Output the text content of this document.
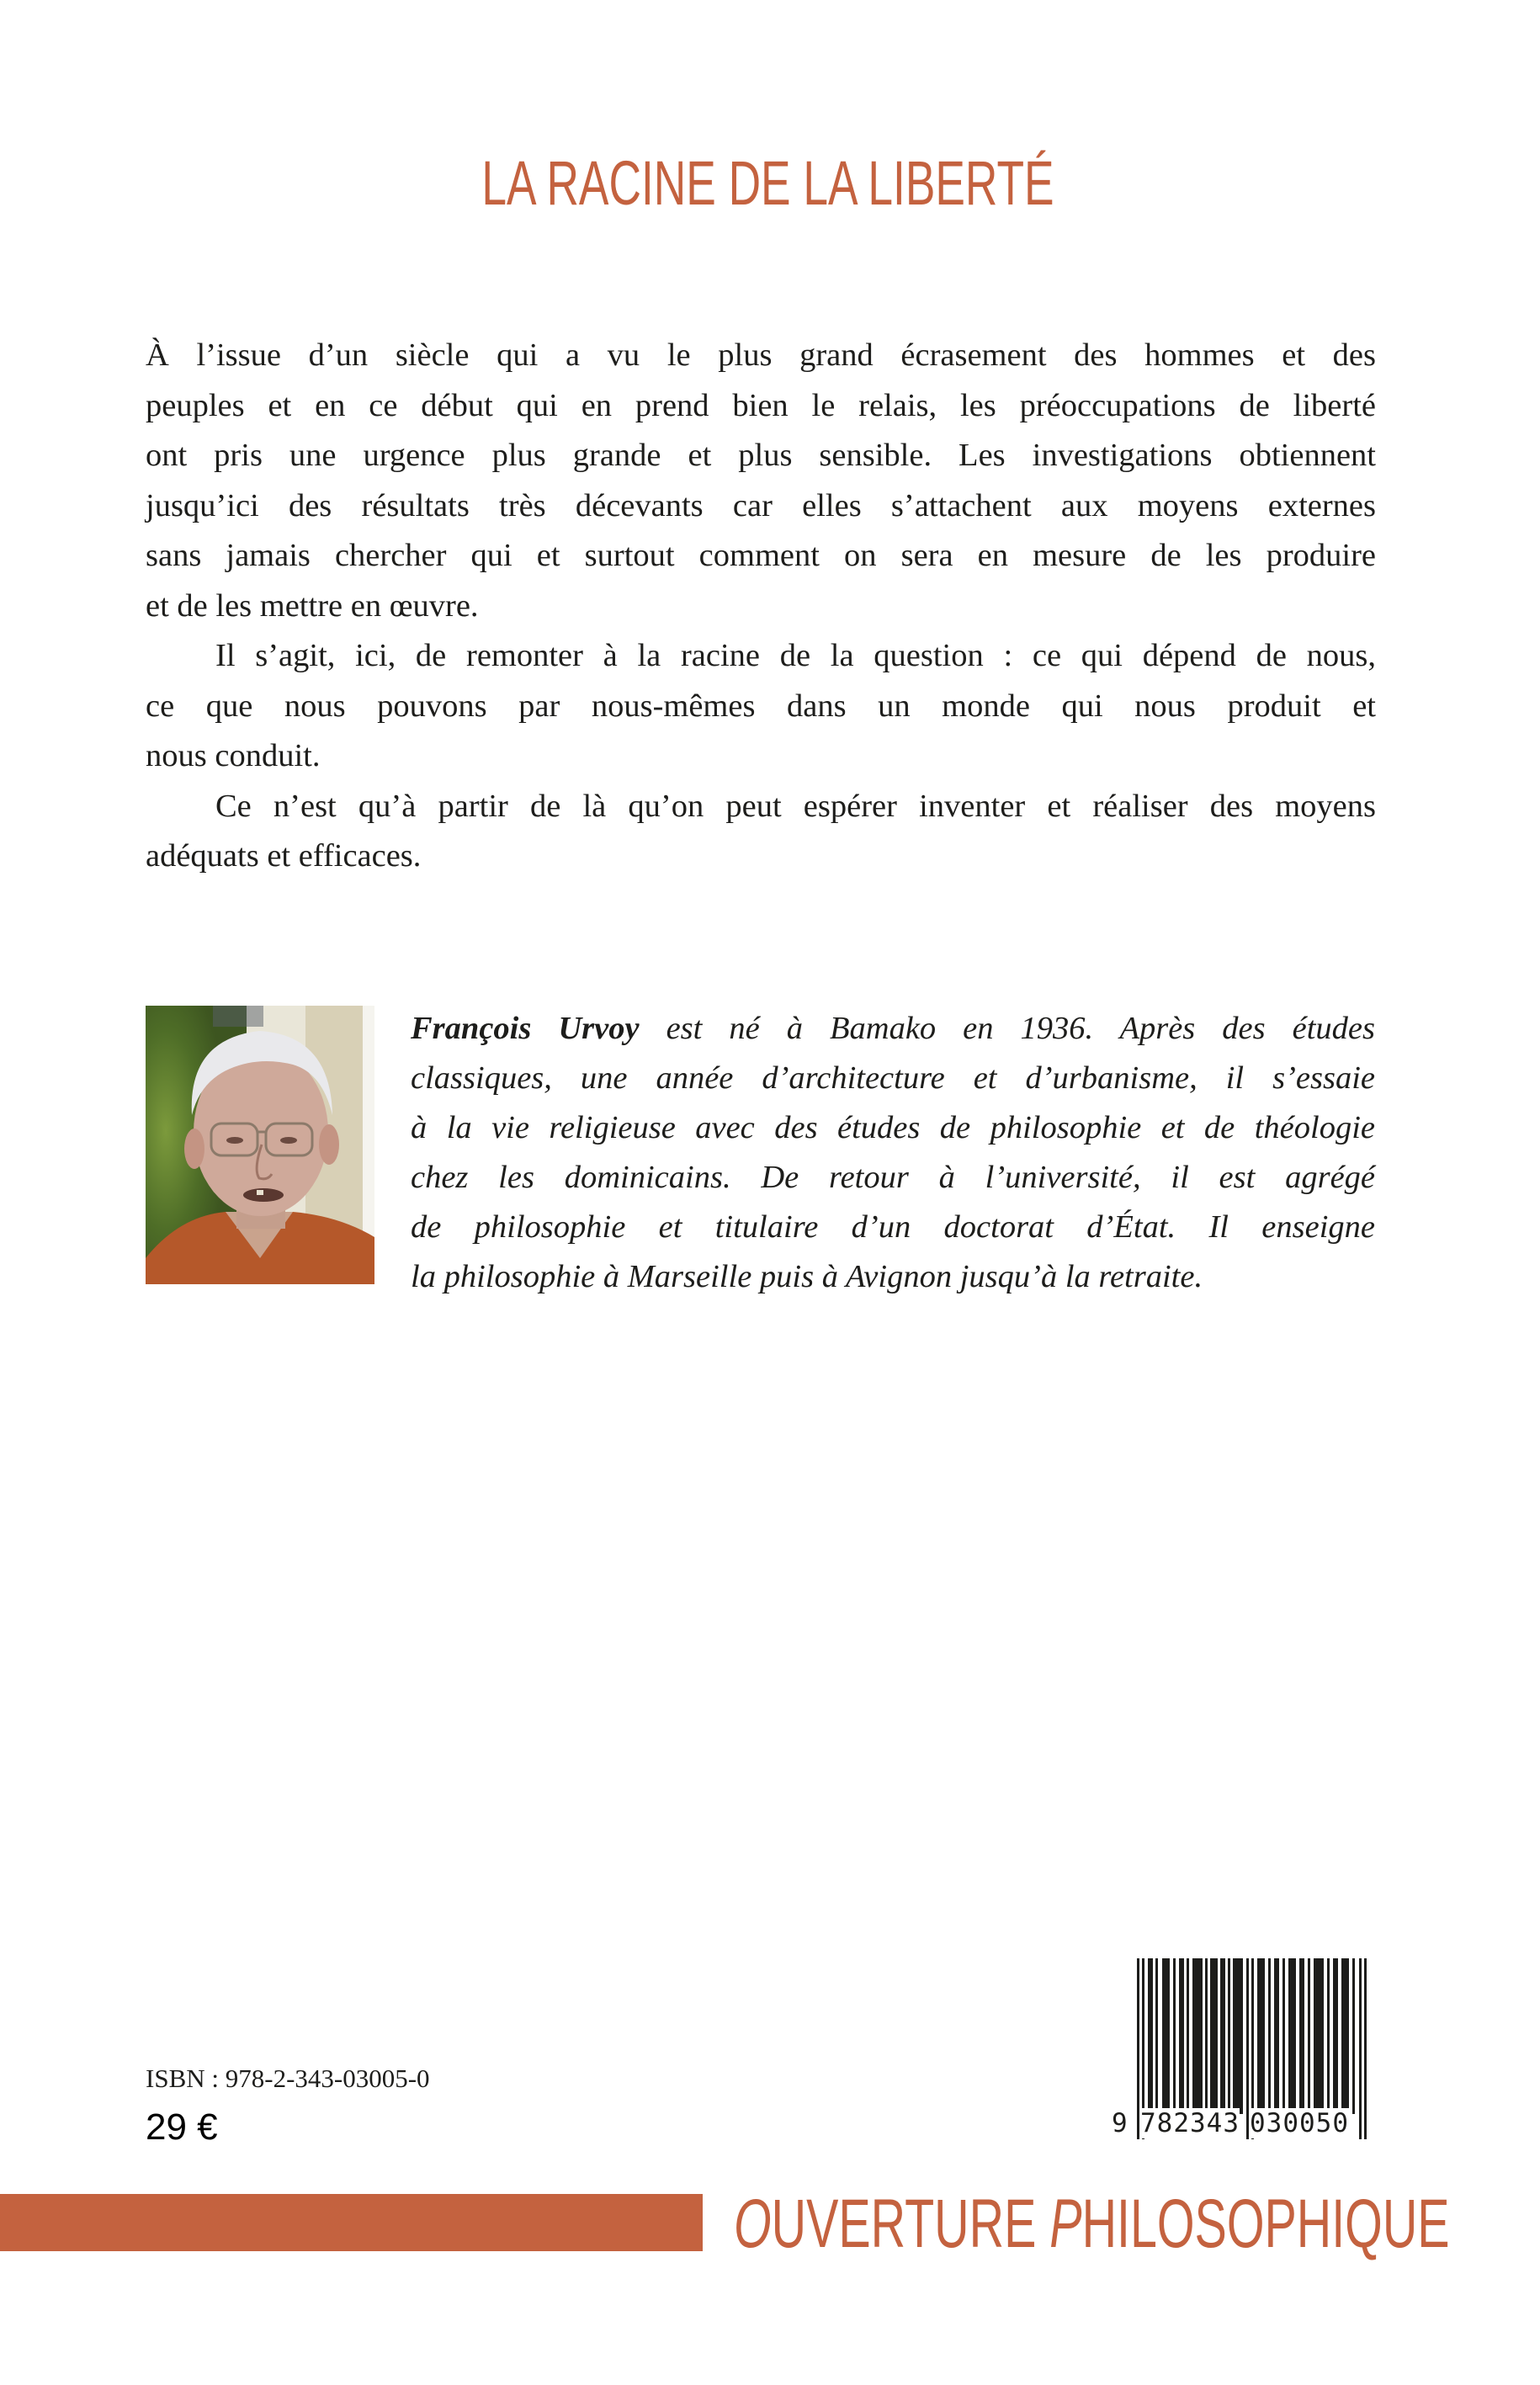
LA RACINE DE LA LIBERTÉ

À l’issue d’un siècle qui a vu le plus grand écrasement des hommes et des
peuples et en ce début qui en prend bien le relais, les préoccupations de liberté
ont pris une urgence plus grande et plus sensible. Les investigations obtiennent
jusqu’ici des résultats très décevants car elles s’attachent aux moyens externes
sans jamais chercher qui et surtout comment on sera en mesure de les produire
et de les mettre en œuvre.

Il s’agit, ici, de remonter à la racine de la question : ce qui dépend de nous,
ce que nous pouvons par nous-mêmes dans un monde qui nous produit et
nous conduit.

Ce n’est qu’à partir de là qu’on peut espérer inventer et réaliser des moyens
adéquats et efficaces.

François Urvoy est né à Bamako en 1936. Après des études
classiques, une année d’architecture et d’urbanisme, il s’essaie
à la vie religieuse avec des études de philosophie et de théologie
chez les dominicains. De retour à l’université, il est agrégé
de philosophie et titulaire d’un doctorat d’État. Il enseigne
la philosophie à Marseille puis à Avignon jusqu’à la retraite.
ISBN : 978-2-343-03005-0
29 €	9 782343 030050
OUVERTURE PHILOSOPHIQUE
